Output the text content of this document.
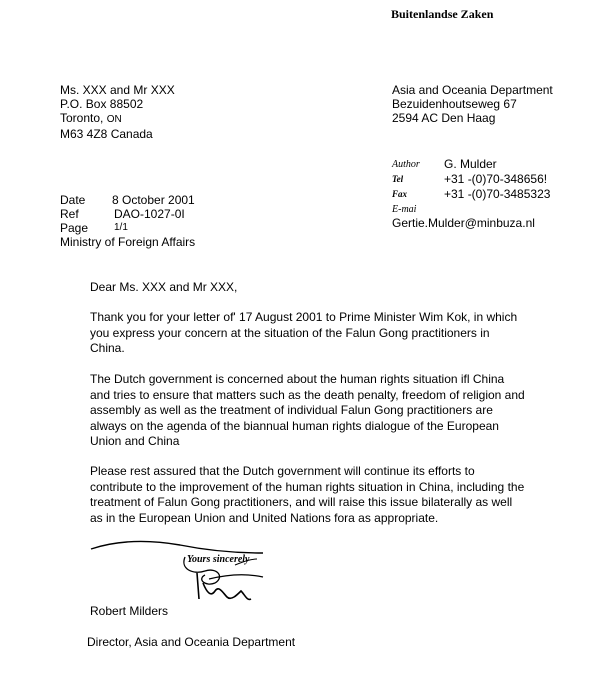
Buitenlandse Zaken
Ms. XXX and Mr XXX
P.O. Box 88502
Toronto, ON
M63 4Z8 Canada
Asia and Oceania Department
Bezuidenhoutseweg 67
2594 AC Den Haag
Author	G. Mulder
Tel	+31 -(0)70-348656!
Fax	+31 -(0)70-3485323
E-mai
Gertie.Mulder@minbuza.nl
Date	8 October 2001
Ref	DAO-1027-0I
Page	1/1
Ministry of Foreign Affairs
Dear Ms. XXX and Mr XXX,
Thank you for your letter of' 17 August 2001 to Prime Minister Wim Kok, in which
you express your concern at the situation of the Falun Gong practitioners in
China.
The Dutch government is concerned about the human rights situation ifl China
and tries to ensure that matters such as the death penalty, freedom of religion and
assembly as well as the treatment of individual Falun Gong practitioners are
always on the agenda of the biannual human rights dialogue of the European
Union and China
Please rest assured that the Dutch government will continue its efforts to
contribute to the improvement of the human rights situation in China, including the
treatment of Falun Gong practitioners, and will raise this issue bilaterally as well
as in the European Union and United Nations fora as appropriate.
Yours sincerely
Robert Milders
Director, Asia and Oceania Department
